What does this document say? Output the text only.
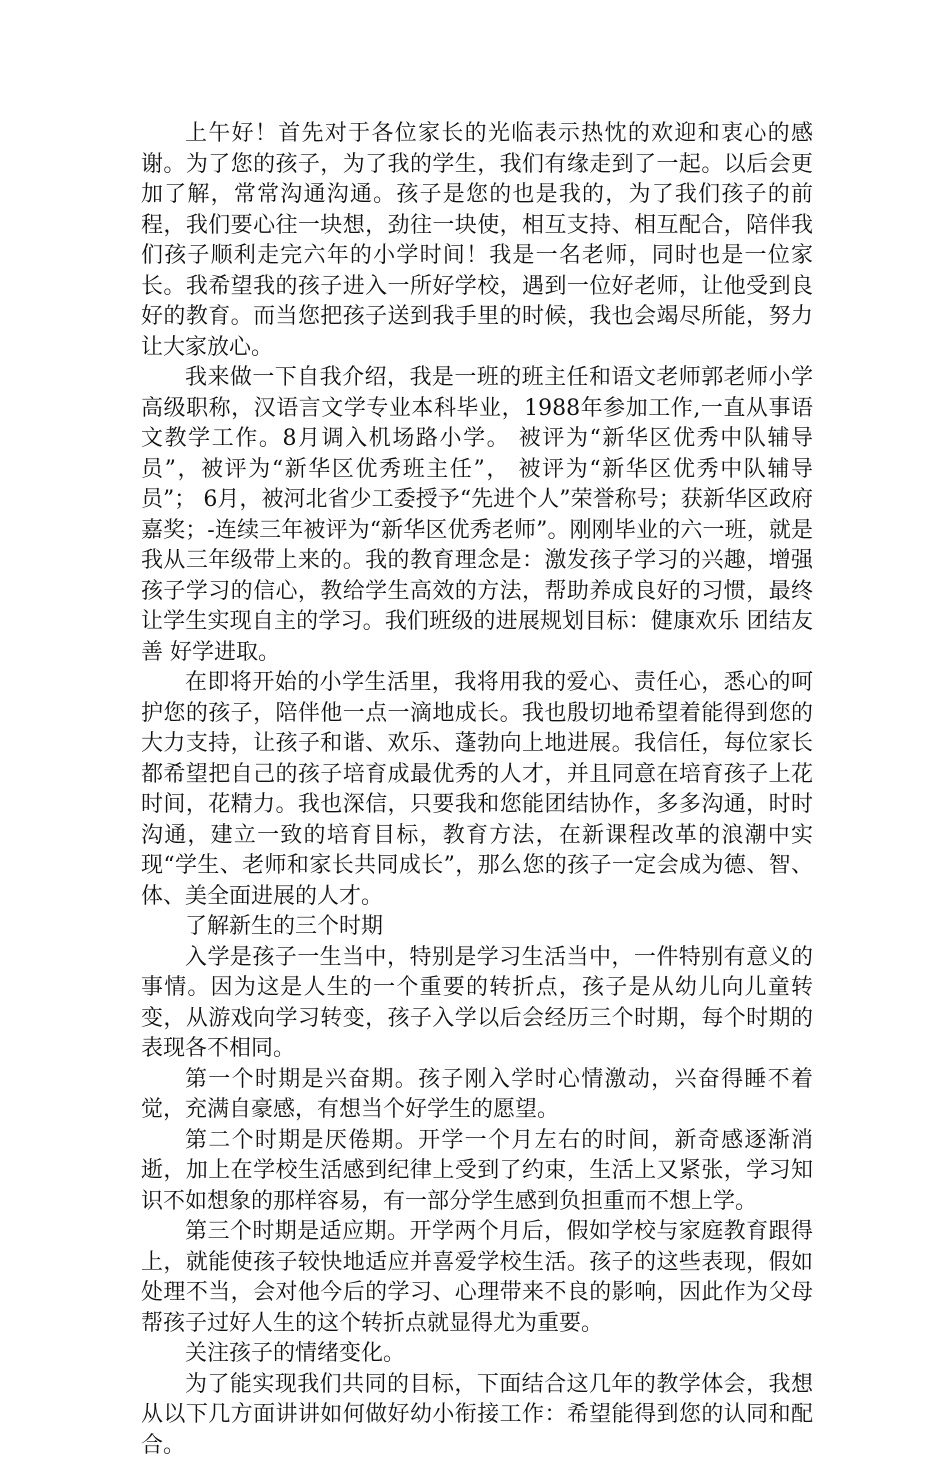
上午好！首先对于各位家长的光临表示热忱的欢迎和衷心的感谢。为了您的孩子，为了我的学生，我们有缘走到了一起。以后会更加了解，常常沟通沟通。孩子是您的也是我的，为了我们孩子的前程，我们要心往一块想，劲往一块使，相互支持、相互配合，陪伴我们孩子顺利走完六年的小学时间！我是一名老师，同时也是一位家长。我希望我的孩子进入一所好学校，遇到一位好老师，让他受到良好的教育。而当您把孩子送到我手里的时候，我也会竭尽所能，努力让大家放心。

我来做一下自我介绍，我是一班的班主任和语文老师郭老师小学高级职称，汉语言文学专业本科毕业，1988年参加工作,一直从事语文教学工作。8月调入机场路小学。 被评为“新华区优秀中队辅导员”，被评为“新华区优秀班主任”， 被评为“新华区优秀中队辅导员”； 6月，被河北省少工委授予“先进个人”荣誉称号；获新华区政府嘉奖；-连续三年被评为“新华区优秀老师”。刚刚毕业的六一班，就是我从三年级带上来的。我的教育理念是：激发孩子学习的兴趣，增强孩子学习的信心，教给学生高效的方法，帮助养成良好的习惯，最终让学生实现自主的学习。我们班级的进展规划目标：健康欢乐 团结友善 好学进取。

在即将开始的小学生活里，我将用我的爱心、责任心，悉心的呵护您的孩子，陪伴他一点一滴地成长。我也殷切地希望着能得到您的大力支持，让孩子和谐、欢乐、蓬勃向上地进展。我信任，每位家长都希望把自己的孩子培育成最优秀的人才，并且同意在培育孩子上花时间，花精力。我也深信，只要我和您能团结协作，多多沟通，时时沟通，建立一致的培育目标，教育方法，在新课程改革的浪潮中实现“学生、老师和家长共同成长”，那么您的孩子一定会成为德、智、体、美全面进展的人才。

了解新生的三个时期

入学是孩子一生当中，特别是学习生活当中，一件特别有意义的事情。因为这是人生的一个重要的转折点，孩子是从幼儿向儿童转变，从游戏向学习转变，孩子入学以后会经历三个时期，每个时期的表现各不相同。

第一个时期是兴奋期。孩子刚入学时心情激动，兴奋得睡不着觉，充满自豪感，有想当个好学生的愿望。

第二个时期是厌倦期。开学一个月左右的时间，新奇感逐渐消逝，加上在学校生活感到纪律上受到了约束，生活上又紧张，学习知识不如想象的那样容易，有一部分学生感到负担重而不想上学。

第三个时期是适应期。开学两个月后，假如学校与家庭教育跟得上，就能使孩子较快地适应并喜爱学校生活。孩子的这些表现，假如处理不当，会对他今后的学习、心理带来不良的影响，因此作为父母帮孩子过好人生的这个转折点就显得尤为重要。

关注孩子的情绪变化。

为了能实现我们共同的目标，下面结合这几年的教学体会，我想从以下几方面讲讲如何做好幼小衔接工作：希望能得到您的认同和配合。
